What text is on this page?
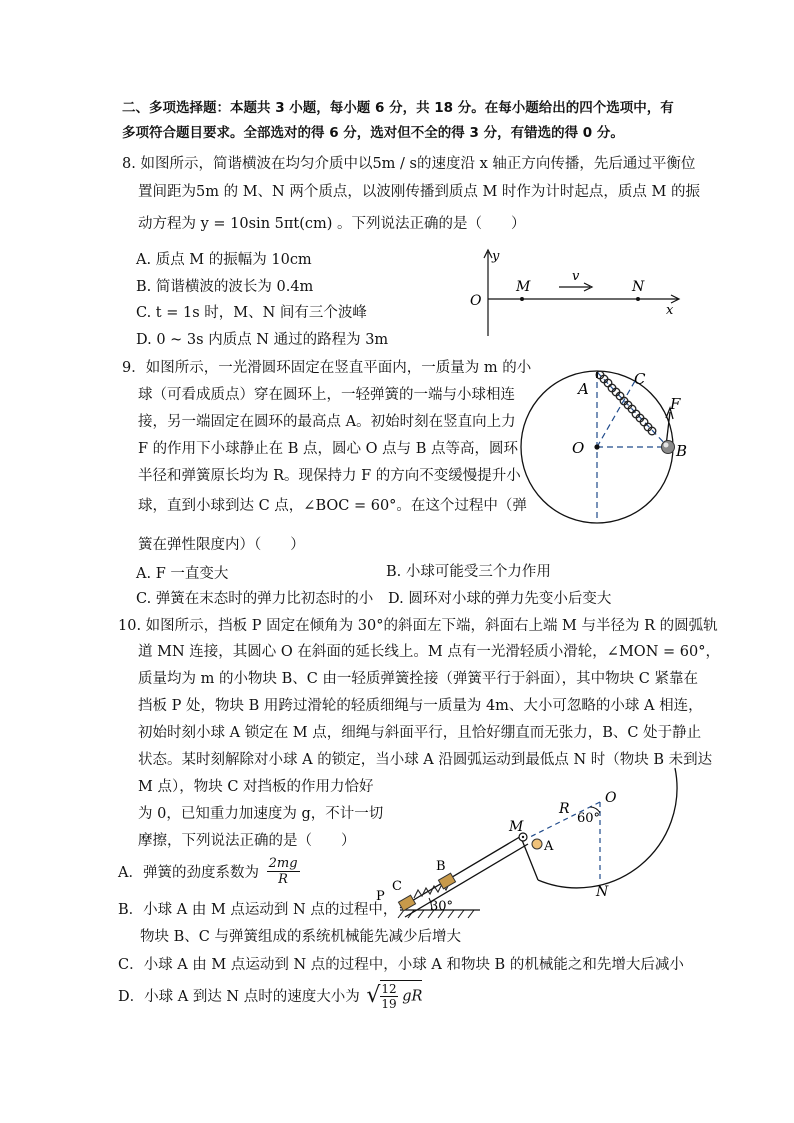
二、多项选择题：本题共 3 小题，每小题 6 分，共 18 分。在每小题给出的四个选项中，有
多项符合题目要求。全部选对的得 6 分，选对但不全的得 3 分，有错选的得 0 分。
8. 如图所示，简谐横波在均匀介质中以5m / s的速度沿 x 轴正方向传播，先后通过平衡位
置间距为5m 的 M、N 两个质点，以波刚传播到质点 M 时作为计时起点，质点 M 的振
动方程为 y = 10sin 5πt(cm) 。下列说法正确的是（　　）
A. 质点 M 的振幅为 10cm
B. 简谐横波的波长为 0.4m
C. t = 1s 时，M、N 间有三个波峰
D. 0 ~ 3s 内质点 N 通过的路程为 3m
y
O
M
v
N
x
9．如图所示，一光滑圆环固定在竖直平面内，一质量为 m 的小
球（可看成质点）穿在圆环上，一轻弹簧的一端与小球相连
接，另一端固定在圆环的最高点 A。初始时刻在竖直向上力
F 的作用下小球静止在 B 点，圆心 O 点与 B 点等高，圆环
半径和弹簧原长均为 R。现保持力 F 的方向不变缓慢提升小
球，直到小球到达 C 点，∠BOC = 60°。在这个过程中（弹
簧在弹性限度内）（　　）
A. F 一直变大	B. 小球可能受三个力作用
C. 弹簧在末态时的弹力比初态时的小 D. 圆环对小球的弹力先变小后变大
A
C
F
O	B
10. 如图所示，挡板 P 固定在倾角为 30°的斜面左下端，斜面右上端 M 与半径为 R 的圆弧轨
道 MN 连接，其圆心 O 在斜面的延长线上。M 点有一光滑轻质小滑轮，∠MON = 60°，
质量均为 m 的小物块 B、C 由一轻质弹簧拴接（弹簧平行于斜面），其中物块 C 紧靠在
挡板 P 处，物块 B 用跨过滑轮的轻质细绳与一质量为 4m、大小可忽略的小球 A 相连，
初始时刻小球 A 锁定在 M 点，细绳与斜面平行，且恰好绷直而无张力，B、C 处于静止
状态。某时刻解除对小球 A 的锁定，当小球 A 沿圆弧运动到最低点 N 时（物块 B 未到达
M 点），物块 C 对挡板的作用力恰好
为 0，已知重力加速度为 g，不计一切
摩擦，下列说法正确的是（　　）
A．弹簧的劲度系数为 $\frac{2mg}{R}$
B．小球 A 由 M 点运动到 N 点的过程中，
物块 B、C 与弹簧组成的系统机械能先减少后增大
C．小球 A 由 M 点运动到 N 点的过程中，小球 A 和物块 B 的机械能之和先增大后减小
D．小球 A 到达 N 点时的速度大小为 √ $\frac{12}{19}$ gR
R
O
60°
M
A
B
P
C
30°
N
